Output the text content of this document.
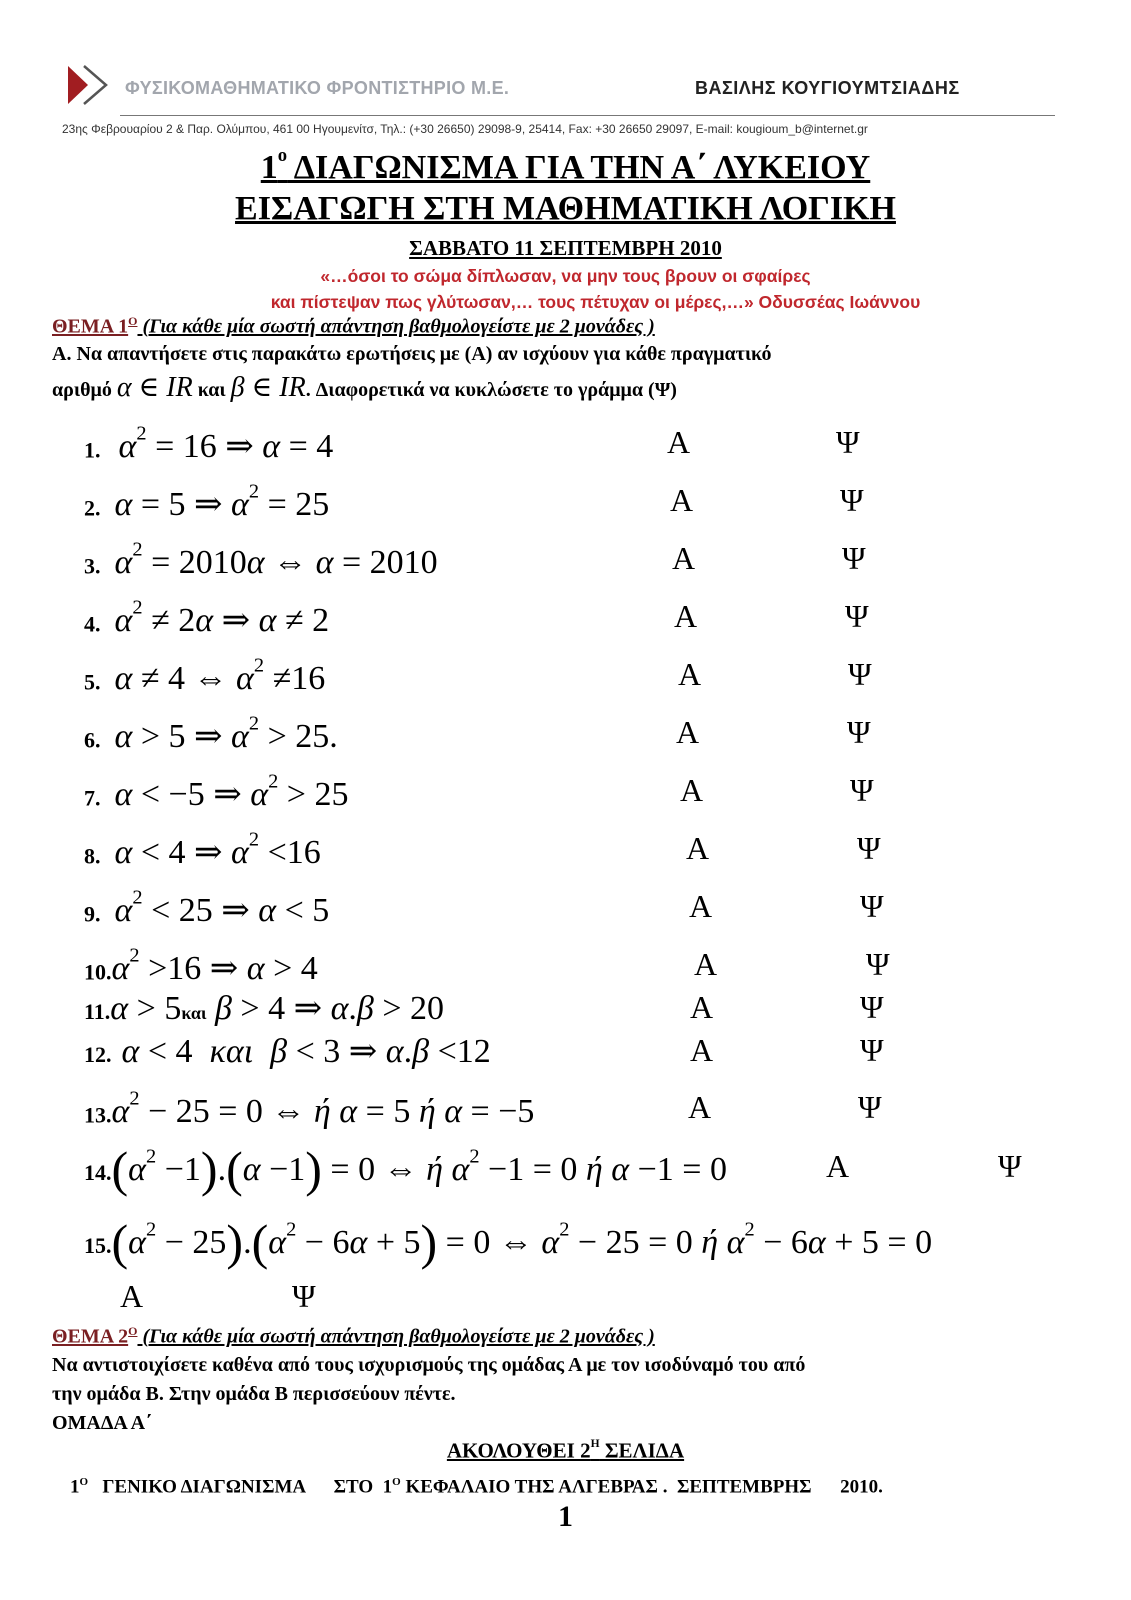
ΦΥΣΙΚΟΜΑΘΗΜΑΤΙΚΟ ΦΡΟΝΤΙΣΤΗΡΙΟ Μ.Ε.	ΒΑΣΙΛΗΣ ΚΟΥΓΙΟΥΜΤΣΙΑΔΗΣ
23ης Φεβρουαρίου 2 & Παρ. Ολύμπου, 461 00 Ηγουμενίτσ, Τηλ.: (+30 26650) 29098-9, 25414, Fax: +30 26650 29097, E-mail: kougioum_b@internet.gr
$1^o$ ΔΙΑΓΩΝΙΣΜΑ ΓΙΑ ΤΗΝ Α΄ ΛΥΚΕΙΟΥ
ΕΙΣΑΓΩΓΗ ΣΤΗ ΜΑΘΗΜΑΤΙΚΗ ΛΟΓΙΚΗ
ΣΑΒΒΑΤΟ 11 ΣΕΠΤΕΜΒΡΗ 2010
«…όσοι το σώμα δίπλωσαν, να μην τους βρουν οι σφαίρες
και πίστεψαν πως γλύτωσαν,… τους πέτυχαν οι μέρες,…» Οδυσσέας Ιωάννου
ΘΕΜΑ $1^O$ (Για κάθε μία σωστή απάντηση βαθμολογείστε με 2 μονάδες )
Α. Να απαντήσετε στις παρακάτω ερωτήσεις με (Α) αν ισχύουν για κάθε πραγματικό
αριθμό α ∈ IR και β ∈ IR. Διαφορετικά να κυκλώσετε το γράμμα (Ψ)
1. $\alpha^2 = 16$ ⇒ α = 4	Α	Ψ
2. α = 5 ⇒ $\alpha^2 = 25$	Α	Ψ
3. $\alpha^2 = 2010\alpha$ ⇔ α = 2010	Α	Ψ
4. $\alpha^2 \ne 2\alpha$ ⇒ α ≠ 2	Α	Ψ
5. α ≠ 4 ⇔ $\alpha^2 \ne 16$	Α	Ψ
6. α > 5 ⇒ $\alpha^2 > 25$.	Α	Ψ
7. α < −5 ⇒ $\alpha^2 > 25$	Α	Ψ
8. α < 4 ⇒ $\alpha^2 <16$	Α	Ψ
9. $\alpha^2 < 25$ ⇒ α < 5	Α	Ψ
$10.\alpha^2 >16$ ⇒ α > 4	Α	Ψ
11.α > 5και β > 4 ⇒ α.β > 20	Α	Ψ
12. α < 4  και β < 3 ⇒ α.β <12	Α	Ψ
$13.\alpha^2 - 25 = 0$ ⇔ ή α = 5 ή α = −5	Α	Ψ
$14.(\alpha^2 -1).(\alpha -1) = 0$ ⇔ ή $\alpha^2 -1 = 0$ ή α −1 = 0	Α	Ψ
$15.(\alpha^2 - 25).(\alpha^2 - 6\alpha + 5) = 0$ ⇔ $\alpha^2 - 25 = 0$ ή $\alpha^2 - 6\alpha + 5 = 0$
Α	Ψ
ΘΕΜΑ $2^O$ (Για κάθε μία σωστή απάντηση βαθμολογείστε με 2 μονάδες )
Να αντιστοιχίσετε καθένα από τους ισχυρισμούς της ομάδας Α με τον ισοδύναμό του από
την ομάδα Β. Στην ομάδα Β περισσεύουν πέντε.
ΟΜΑΔΑ Α΄
ΑΚΟΛΟΥΘΕΙ $2^H$ ΣΕΛΙΔΑ
$1^O$   ΓΕΝΙΚΟ ΔΙΑΓΩΝΙΣΜΑ      ΣΤΟ  $1^O$ ΚΕΦΑΛΑΙΟ ΤΗΣ ΑΛΓΕΒΡΑΣ .  ΣΕΠΤΕΜΒΡΗΣ      2010.
1
